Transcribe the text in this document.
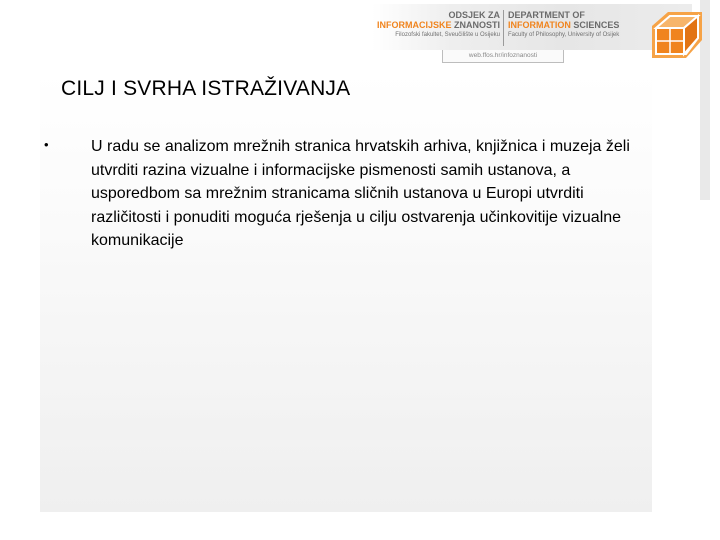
ODSJEK ZA
INFORMACIJSKE ZNANOSTI
Filozofski fakultet, Sveučilište u Osijeku
DEPARTMENT OF
INFORMATION SCIENCES
Faculty of Philosophy, University of Osijek
web.ffos.hr/infoznanosti
CILJ I SVRHA ISTRAŽIVANJA
•	U radu se analizom mrežnih stranica hrvatskih arhiva, knjižnica i muzeja želi utvrditi razina vizualne i informacijske pismenosti samih ustanova, a usporedbom sa mrežnim stranicama sličnih ustanova u Europi utvrditi različitosti i ponuditi moguća rješenja u cilju ostvarenja učinkovitije vizualne komunikacije
